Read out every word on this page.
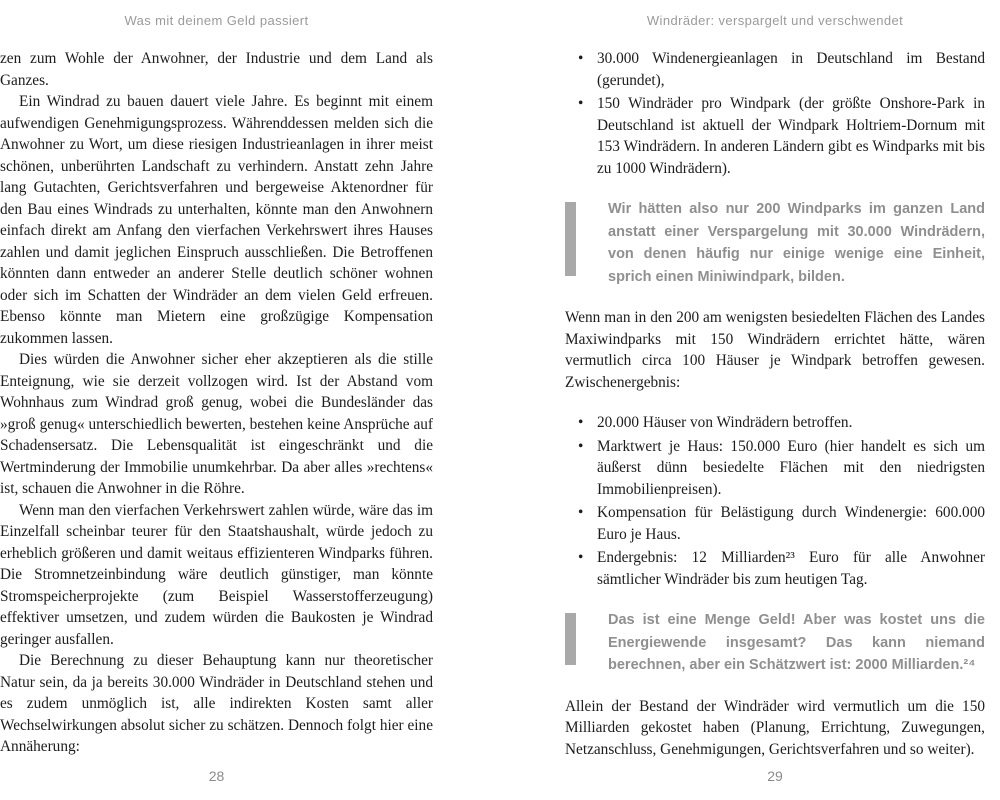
Was mit deinem Geld passiert

zen zum Wohle der Anwohner, der Industrie und dem Land als Ganzes.

Ein Windrad zu bauen dauert viele Jahre. Es beginnt mit einem aufwendigen Genehmigungsprozess. Währenddessen melden sich die Anwohner zu Wort, um diese riesigen Industrieanlagen in ihrer meist schönen, unberührten Landschaft zu verhindern. Anstatt zehn Jahre lang Gutachten, Gerichtsverfahren und bergeweise Aktenordner für den Bau eines Windrads zu unterhalten, könnte man den Anwohnern einfach direkt am Anfang den vierfachen Verkehrswert ihres Hauses zahlen und damit jeglichen Einspruch ausschließen. Die Betroffenen könnten dann entweder an anderer Stelle deutlich schöner wohnen oder sich im Schatten der Windräder an dem vielen Geld erfreuen. Ebenso könnte man Mietern eine großzügige Kompensation zukommen lassen.

Dies würden die Anwohner sicher eher akzeptieren als die stille Enteignung, wie sie derzeit vollzogen wird. Ist der Abstand vom Wohnhaus zum Windrad groß genug, wobei die Bundesländer das »groß genug« unterschiedlich bewerten, bestehen keine Ansprüche auf Schadensersatz. Die Lebensqualität ist eingeschränkt und die Wertminderung der Immobilie unumkehrbar. Da aber alles »rechtens« ist, schauen die Anwohner in die Röhre.

Wenn man den vierfachen Verkehrswert zahlen würde, wäre das im Einzelfall scheinbar teurer für den Staatshaushalt, würde jedoch zu erheblich größeren und damit weitaus effizienteren Windparks führen. Die Stromnetzeinbindung wäre deutlich günstiger, man könnte Stromspeicherprojekte (zum Beispiel Wasserstofferzeugung) effektiver umsetzen, und zudem würden die Baukosten je Windrad geringer ausfallen.

Die Berechnung zu dieser Behauptung kann nur theoretischer Natur sein, da ja bereits 30.000 Windräder in Deutschland stehen und es zudem unmöglich ist, alle indirekten Kosten samt aller Wechselwirkungen absolut sicher zu schätzen. Dennoch folgt hier eine Annäherung:

28
Windräder: verspargelt und verschwendet
• 30.000 Windenergieanlagen in Deutschland im Bestand (gerundet),
• 150 Windräder pro Windpark (der größte Onshore-Park in Deutschland ist aktuell der Windpark Holtriem-Dornum mit 153 Windrädern. In anderen Ländern gibt es Windparks mit bis zu 1000 Windrädern).
Wir hätten also nur 200 Windparks im ganzen Land anstatt einer Verspargelung mit 30.000 Windrädern, von denen häufig nur einige wenige eine Einheit, sprich einen Miniwindpark, bilden.

Wenn man in den 200 am wenigsten besiedelten Flächen des Landes Maxiwindparks mit 150 Windrädern errichtet hätte, wären vermutlich circa 100 Häuser je Windpark betroffen gewesen. Zwischenergebnis:

• 20.000 Häuser von Windrädern betroffen.
• Marktwert je Haus: 150.000 Euro (hier handelt es sich um äußerst dünn besiedelte Flächen mit den niedrigsten Immobilienpreisen).
• Kompensation für Belästigung durch Windenergie: 600.000 Euro je Haus.
• Endergebnis: 12 Milliarden²³ Euro für alle Anwohner sämtlicher Windräder bis zum heutigen Tag.
Das ist eine Menge Geld! Aber was kostet uns die Energiewende insgesamt? Das kann niemand berechnen, aber ein Schätzwert ist: 2000 Milliarden.²⁴

Allein der Bestand der Windräder wird vermutlich um die 150 Milliarden gekostet haben (Planung, Errichtung, Zuwegungen, Netzanschluss, Genehmigungen, Gerichtsverfahren und so weiter).

29
